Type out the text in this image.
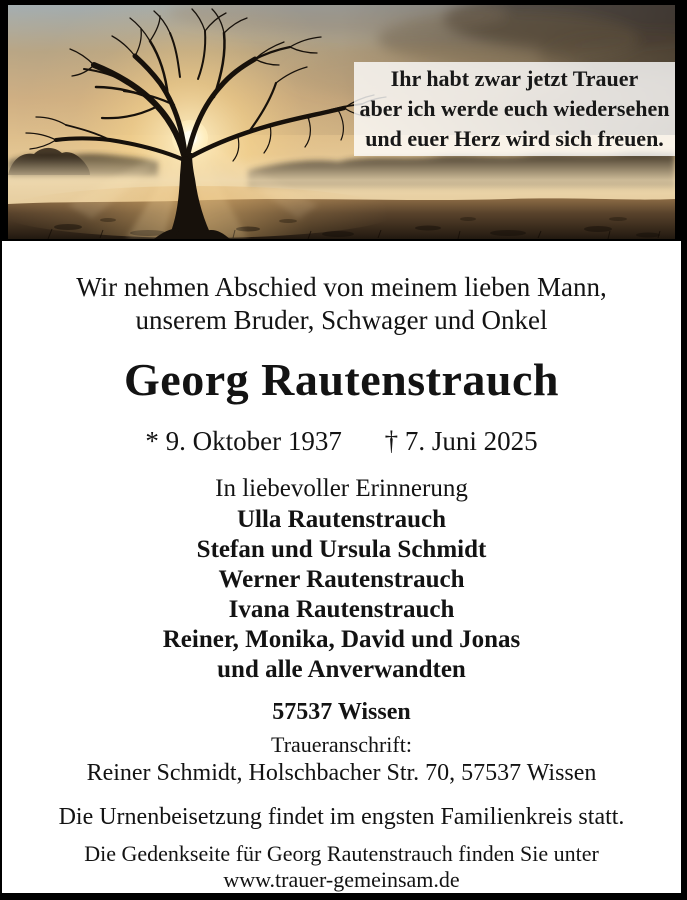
Ihr habt zwar jetzt Trauer
aber ich werde euch wiedersehen
und euer Herz wird sich freuen.
Wir nehmen Abschied von meinem lieben Mann,
unserem Bruder, Schwager und Onkel
Georg Rautenstrauch
* 9. Oktober 1937 † 7. Juni 2025
In liebevoller Erinnerung
Ulla Rautenstrauch
Stefan und Ursula Schmidt
Werner Rautenstrauch
Ivana Rautenstrauch
Reiner, Monika, David und Jonas
und alle Anverwandten
57537 Wissen
Traueranschrift:
Reiner Schmidt, Holschbacher Str. 70, 57537 Wissen
Die Urnenbeisetzung findet im engsten Familienkreis statt.
Die Gedenkseite für Georg Rautenstrauch finden Sie unter
www.trauer-gemeinsam.de
